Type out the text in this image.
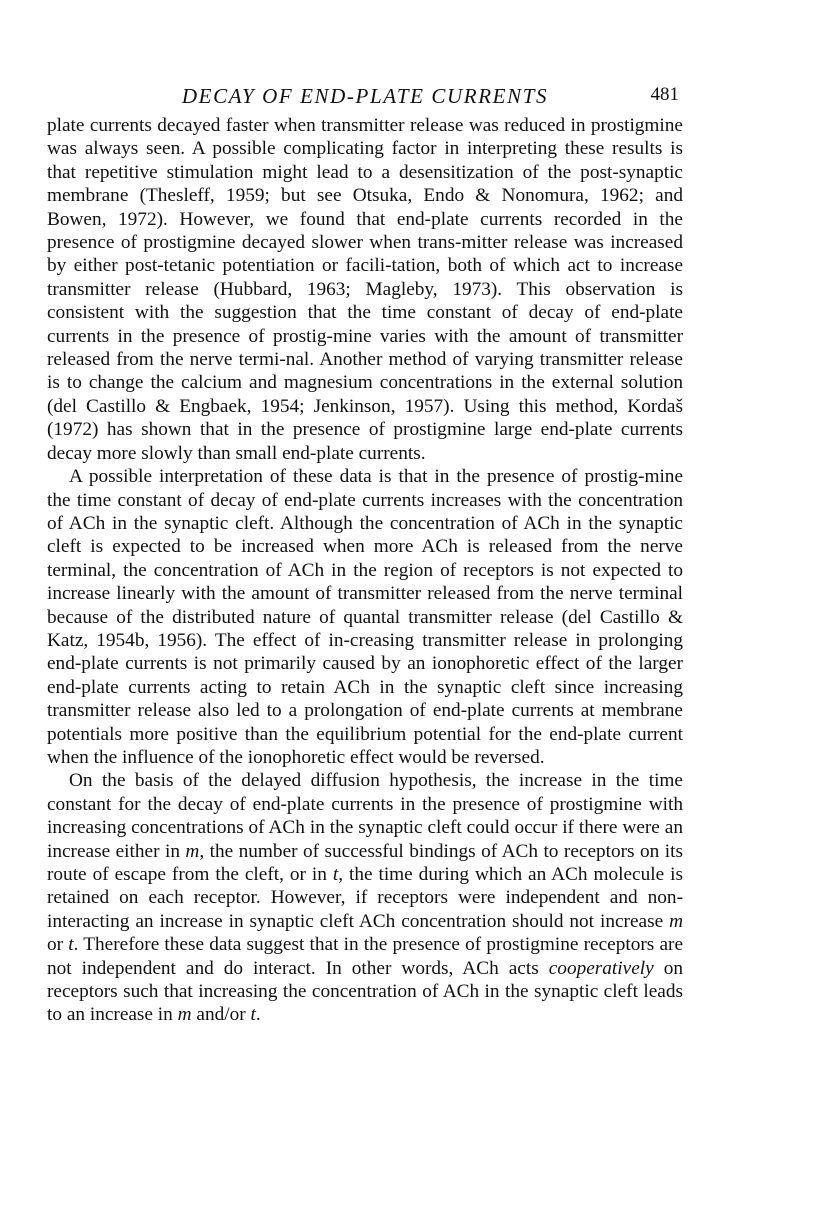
DECAY OF END-PLATE CURRENTS	481

plate currents decayed faster when transmitter release was reduced in prostigmine was always seen. A possible complicating factor in interpreting these results is that repetitive stimulation might lead to a desensitization of the post-synaptic membrane (Thesleff, 1959; but see Otsuka, Endo & Nonomura, 1962; and Bowen, 1972). However, we found that end-plate currents recorded in the presence of prostigmine decayed slower when trans-mitter release was increased by either post-tetanic potentiation or facili-tation, both of which act to increase transmitter release (Hubbard, 1963; Magleby, 1973). This observation is consistent with the suggestion that the time constant of decay of end-plate currents in the presence of prostig-mine varies with the amount of transmitter released from the nerve termi-nal. Another method of varying transmitter release is to change the calcium and magnesium concentrations in the external solution (del Castillo & Engbaek, 1954; Jenkinson, 1957). Using this method, Kordaš (1972) has shown that in the presence of prostigmine large end-plate currents decay more slowly than small end-plate currents.

A possible interpretation of these data is that in the presence of prostig-mine the time constant of decay of end-plate currents increases with the concentration of ACh in the synaptic cleft. Although the concentration of ACh in the synaptic cleft is expected to be increased when more ACh is released from the nerve terminal, the concentration of ACh in the region of receptors is not expected to increase linearly with the amount of transmitter released from the nerve terminal because of the distributed nature of quantal transmitter release (del Castillo & Katz, 1954b, 1956). The effect of in-creasing transmitter release in prolonging end-plate currents is not primarily caused by an ionophoretic effect of the larger end-plate currents acting to retain ACh in the synaptic cleft since increasing transmitter release also led to a prolongation of end-plate currents at membrane potentials more positive than the equilibrium potential for the end-plate current when the influence of the ionophoretic effect would be reversed.

On the basis of the delayed diffusion hypothesis, the increase in the time constant for the decay of end-plate currents in the presence of prostigmine with increasing concentrations of ACh in the synaptic cleft could occur if there were an increase either in m, the number of successful bindings of ACh to receptors on its route of escape from the cleft, or in t, the time during which an ACh molecule is retained on each receptor. However, if receptors were independent and non-interacting an increase in synaptic cleft ACh concentration should not increase m or t. Therefore these data suggest that in the presence of prostigmine receptors are not independent and do interact. In other words, ACh acts cooperatively on receptors such that increasing the concentration of ACh in the synaptic cleft leads to an increase in m and/or t.
